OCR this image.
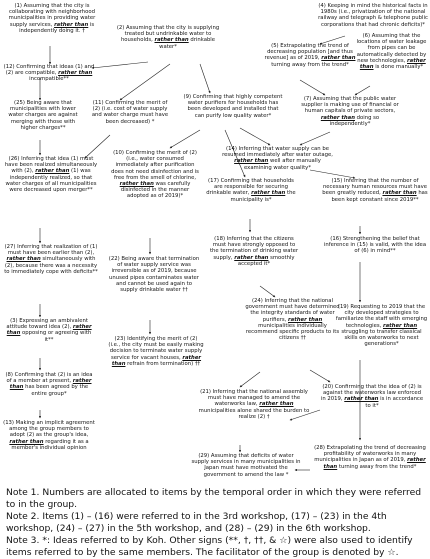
(1) Assuming that the city is collaborating with neighborhood municipalities in providing water supply services, rather than is independently doing it. †	(2) Assuming that the city is supplying treated but undrinkable water to households, rather than drinkable water*
(4) Keeping in mind the historical facts in 1980s (i.e., privatization of the national railway and telegraph & telephone public corporations that had chronic deficits)*
(5) Extrapolating the trend of decreasing population [and thus revenue] as of 2019, rather than turning away from the trend*
(6) Assuming that the locations of water leakage from pipes can be automatically detected by new technologies, rather than is done manually*
(12) Confirming that ideas (1) and (2) are compatible, rather than incompatible**
(9) Confirming that highly competent water purifiers for households has been developed and installed that can purify low quality water*
(11) Confirming the merit of (2) (i.e. cost of water supply and water charge must have been decreased) *
(7) Assuming that the public water supplier is making use of financial or human capitals of private sectors, rather than doing so independently*
(25) Being aware that municipalities with lower water charges are against merging with those with higher charges**
(14) Inferring that water supply can be resumed immediately after water outage, rather than well after manually examining water quality*
(10) Confirming the merit of (2) (i.e., water consumed immediately after purification does not need disinfection and is free from the smell of chlorine, rather than was carefully disinfected in the manner adopted as of 2019)*
(26) Inferring that idea (1) must have been realized simultaneously with (2), rather than (1) was independently realized, so that water charges of all municipalities were decreased upon merger**
(17) Confirming that households are responsible for securing drinkable water, rather than the municipality is*
(15) Inferring that the number of necessary human resources must have been greatly reduced, rather than has been kept constant since 2019**
(16) Strengthening the belief that inference in (15) is valid, with the idea of (6) in mind**
(18) Inferring that the citizens must have strongly opposed to the termination of drinking water supply, rather than smoothly accepted it*
(27) Inferring that realization of (1) must have been earlier than (2), rather than simultaneously with (2), because there was a necessity to immediately cope with deficits**
(22) Being aware that termination of water supply service was irreversible as of 2019, because unused pipes contaminates water and cannot be used again to supply drinkable water ††
(24) Inferring that the national government must have determined the integrity standards of water purifiers, rather than municipalities individually recommend specific products to its citizens ††
(19) Requesting to 2019 that the city developed strategies to familiarize the staff with emerging technologies, rather than struggling to transfer classical skills on waterworks to next generations*
(3) Expressing an ambivalent attitude toward idea (2), rather than opposing or agreeing with it**	(23) Identifying the merit of (2) (i.e., the city must be easily making decision to terminate water supply service for vacant houses, rather than refrain from termination) ††
(8) Confirming that (2) is an idea of a member at present, rather than has been agreed by the entire group*
(20) Confirming that the idea of (2) is against the waterworks law enforced in 2019, rather than is in accordance to it*
(21) Inferring that the national assembly must have managed to amend the waterworks law, rather than municipalities alone shared the burden to realize (2) †
(13) Making an implicit agreement among the group members to adopt (2) as the group's idea, rather than regarding it as a member's individual opinion	(28) Extrapolating the trend of decreasing profitability of waterworks in many municipalities in Japan as of 2019, rather than turning away from the trend*
(29) Assuming that deficits of water supply services in many municipalities in Japan must have motivated the government to amend the law *
Note 1. Numbers are allocated to items by the temporal order in which they were referred to in the group.
Note 2. Items (1) – (16) were referred to in the 3rd workshop, (17) – (23) in the 4th workshop, (24) – (27) in the 5th workshop, and (28) – (29) in the 6th workshop.
Note 3. *: Ideas referred to by Koh. Other signs (**, †, ††, & ☆) were also used to identify items referred to by the same members. The facilitator of the group is denoted by ☆.
